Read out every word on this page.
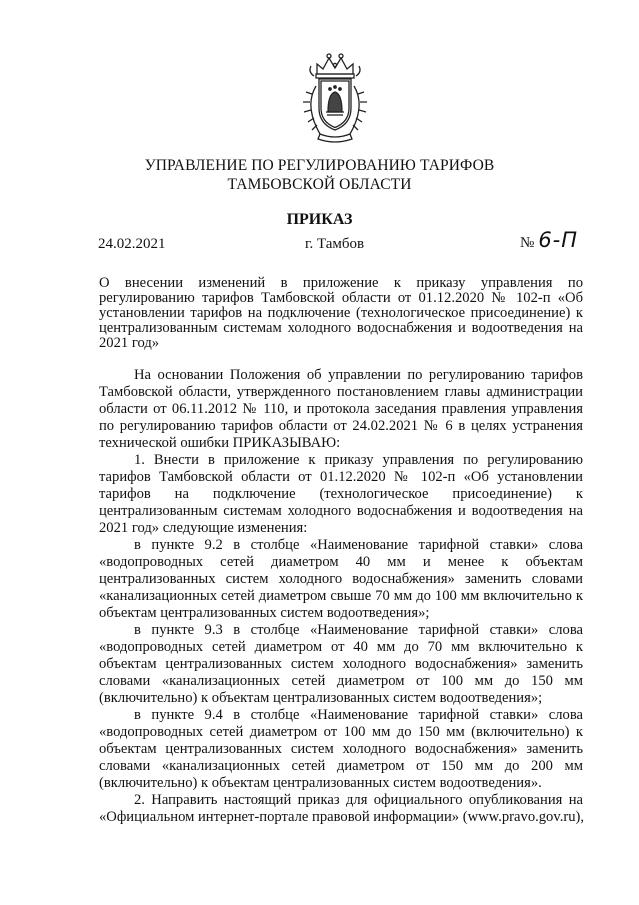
УПРАВЛЕНИЕ ПО РЕГУЛИРОВАНИЮ ТАРИФОВ
ТАМБОВСКОЙ ОБЛАСТИ
ПРИКАЗ
24.02.2021	г. Тамбов	№ 6-П
О внесении изменений в приложение к приказу управления по
регулированию тарифов Тамбовской области от 01.12.2020 № 102-п «Об
установлении тарифов на подключение (технологическое присоединение) к
централизованным системам холодного водоснабжения и водоотведения на
2021 год»
На основании Положения об управлении по регулированию тарифов
Тамбовской области, утвержденного постановлением главы администрации
области от 06.11.2012 № 110, и протокола заседания правления управления
по регулированию тарифов области от 24.02.2021 № 6 в целях устранения
технической ошибки ПРИКАЗЫВАЮ:
1. Внести в приложение к приказу управления по регулированию
тарифов Тамбовской области от 01.12.2020 № 102-п «Об установлении
тарифов на подключение (технологическое присоединение) к
централизованным системам холодного водоснабжения и водоотведения на
2021 год» следующие изменения:
в пункте 9.2 в столбце «Наименование тарифной ставки» слова
«водопроводных сетей диаметром 40 мм и менее к объектам
централизованных систем холодного водоснабжения» заменить словами
«канализационных сетей диаметром свыше 70 мм до 100 мм включительно к
объектам централизованных систем водоотведения»;
в пункте 9.3 в столбце «Наименование тарифной ставки» слова
«водопроводных сетей диаметром от 40 мм до 70 мм включительно к
объектам централизованных систем холодного водоснабжения» заменить
словами «канализационных сетей диаметром от 100 мм до 150 мм
(включительно) к объектам централизованных систем водоотведения»;
в пункте 9.4 в столбце «Наименование тарифной ставки» слова
«водопроводных сетей диаметром от 100 мм до 150 мм (включительно) к
объектам централизованных систем холодного водоснабжения» заменить
словами «канализационных сетей диаметром от 150 мм до 200 мм
(включительно) к объектам централизованных систем водоотведения».
2. Направить настоящий приказ для официального опубликования на
«Официальном интернет-портале правовой информации» (www.pravo.gov.ru),
